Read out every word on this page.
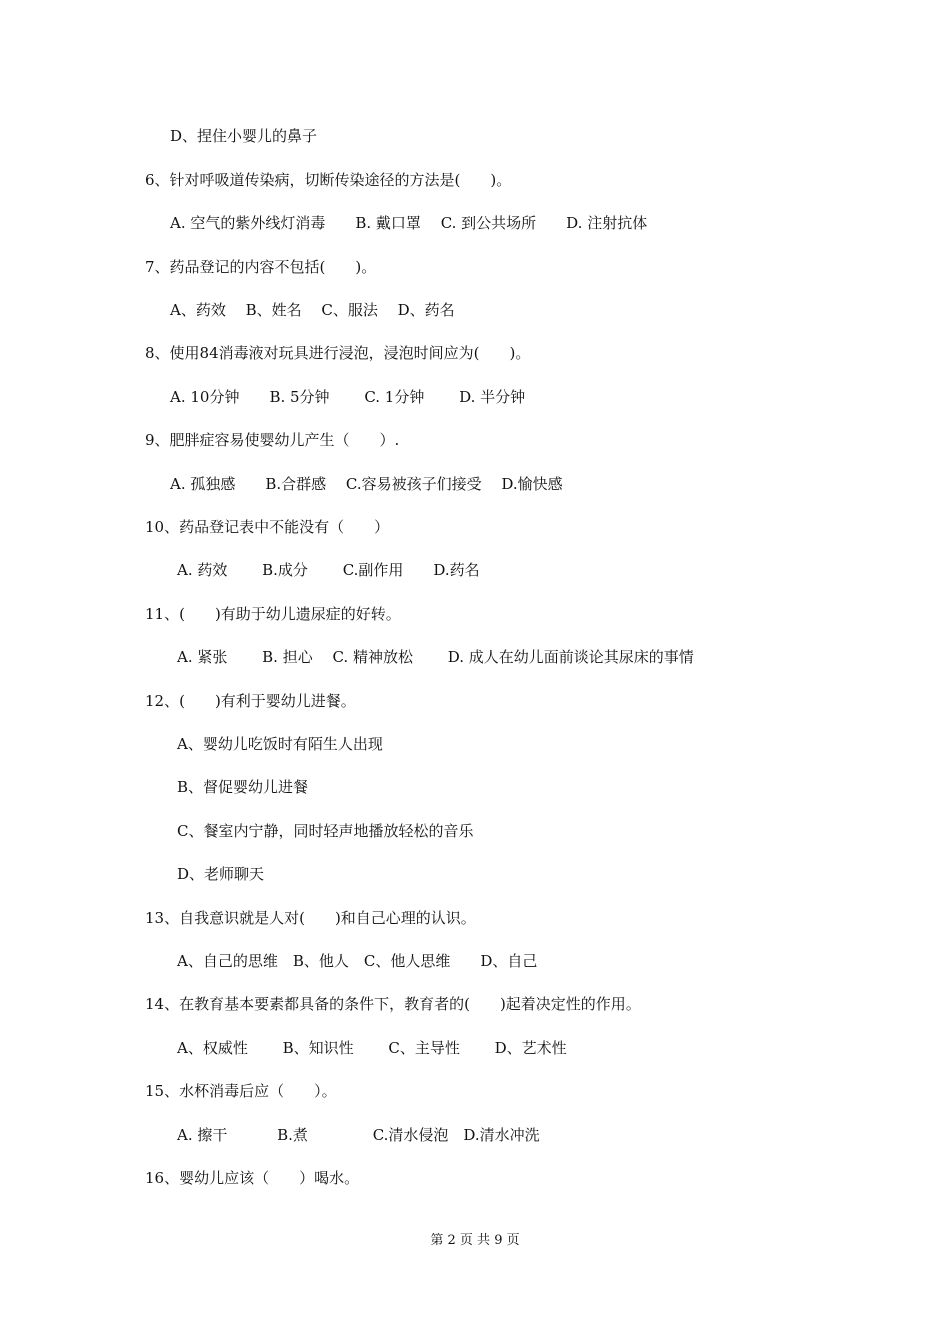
D、捏住小婴儿的鼻子
6、针对呼吸道传染病，切断传染途径的方法是(　　)。
A. 空气的紫外线灯消毒　　B. 戴口罩　 C. 到公共场所　　D. 注射抗体
7、药品登记的内容不包括(　　)。
A、药效　 B、姓名　 C、服法　 D、药名
8、使用84消毒液对玩具进行浸泡，浸泡时间应为(　　)。
A. 10分钟　　B. 5分钟　　 C. 1分钟　　 D. 半分钟
9、肥胖症容易使婴幼儿产生（　　）.
A. 孤独感　　B.合群感　 C.容易被孩子们接受　 D.愉快感
10、药品登记表中不能没有（　　）
A. 药效　　 B.成分　　 C.副作用　　D.药名
11、(　　)有助于幼儿遗尿症的好转。
A. 紧张　　 B. 担心　 C. 精神放松　　 D. 成人在幼儿面前谈论其尿床的事情
12、(　　)有利于婴幼儿进餐。
A、婴幼儿吃饭时有陌生人出现
B、督促婴幼儿进餐
C、餐室内宁静，同时轻声地播放轻松的音乐
D、老师聊天
13、自我意识就是人对(　　)和自己心理的认识。
A、自己的思维　B、他人　C、他人思维　　D、自己
14、在教育基本要素都具备的条件下，教育者的(　　)起着决定性的作用。
A、权威性　　 B、知识性　　 C、主导性　　 D、艺术性
15、水杯消毒后应（　　）。
A. 擦干　　　 B.煮　　　　 C.清水侵泡　D.清水冲洗
16、婴幼儿应该（　　）喝水。
第 2 页 共 9 页
